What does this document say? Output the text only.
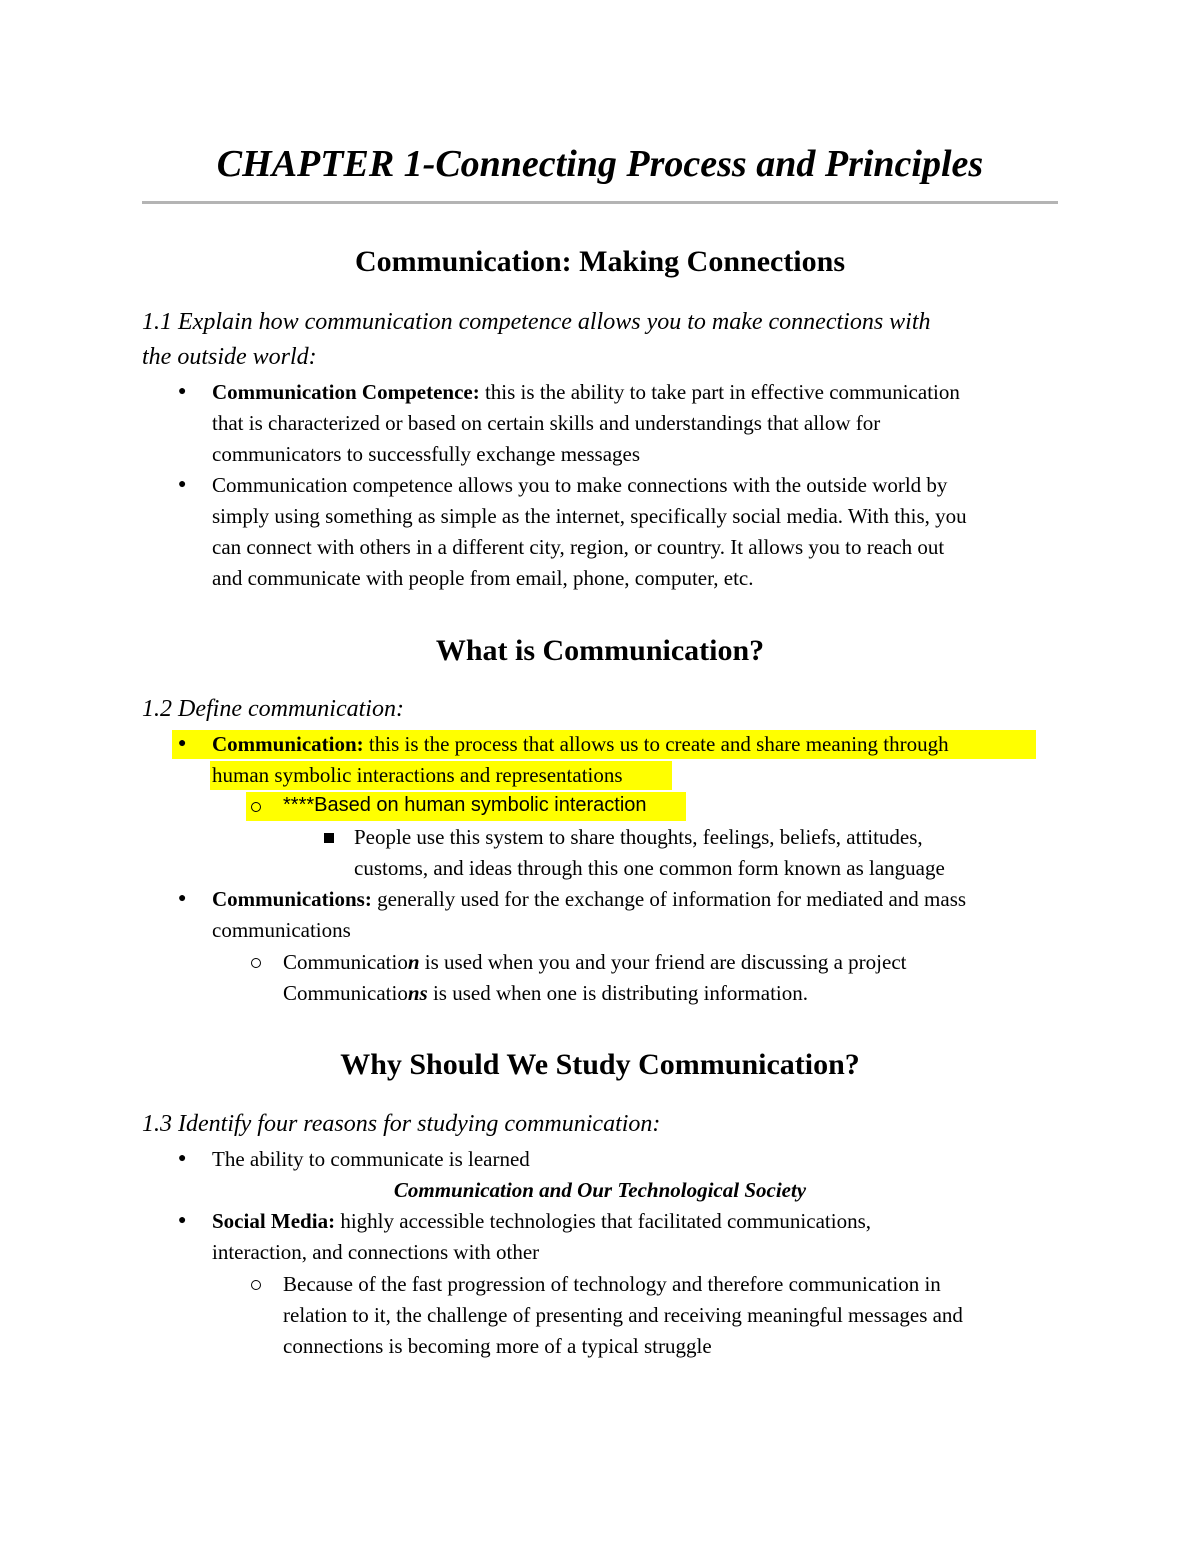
CHAPTER 1-Connecting Process and Principles
Communication: Making Connections
1.1 Explain how communication competence allows you to make connections with
the outside world:
● Communication Competence: this is the ability to take part in effective communication
that is characterized or based on certain skills and understandings that allow for
communicators to successfully exchange messages
● Communication competence allows you to make connections with the outside world by
simply using something as simple as the internet, specifically social media. With this, you
can connect with others in a different city, region, or country. It allows you to reach out
and communicate with people from email, phone, computer, etc.
What is Communication?
1.2 Define communication:
● Communication: this is the process that allows us to create and share meaning through
human symbolic interactions and representations
****Based on human symbolic interaction
People use this system to share thoughts, feelings, beliefs, attitudes,
customs, and ideas through this one common form known as language
● Communications: generally used for the exchange of information for mediated and mass
communications
Communication is used when you and your friend are discussing a project
Communications is used when one is distributing information.
Why Should We Study Communication?
1.3 Identify four reasons for studying communication:
● The ability to communicate is learned
Communication and Our Technological Society
● Social Media: highly accessible technologies that facilitated communications,
interaction, and connections with other
Because of the fast progression of technology and therefore communication in
relation to it, the challenge of presenting and receiving meaningful messages and
connections is becoming more of a typical struggle
